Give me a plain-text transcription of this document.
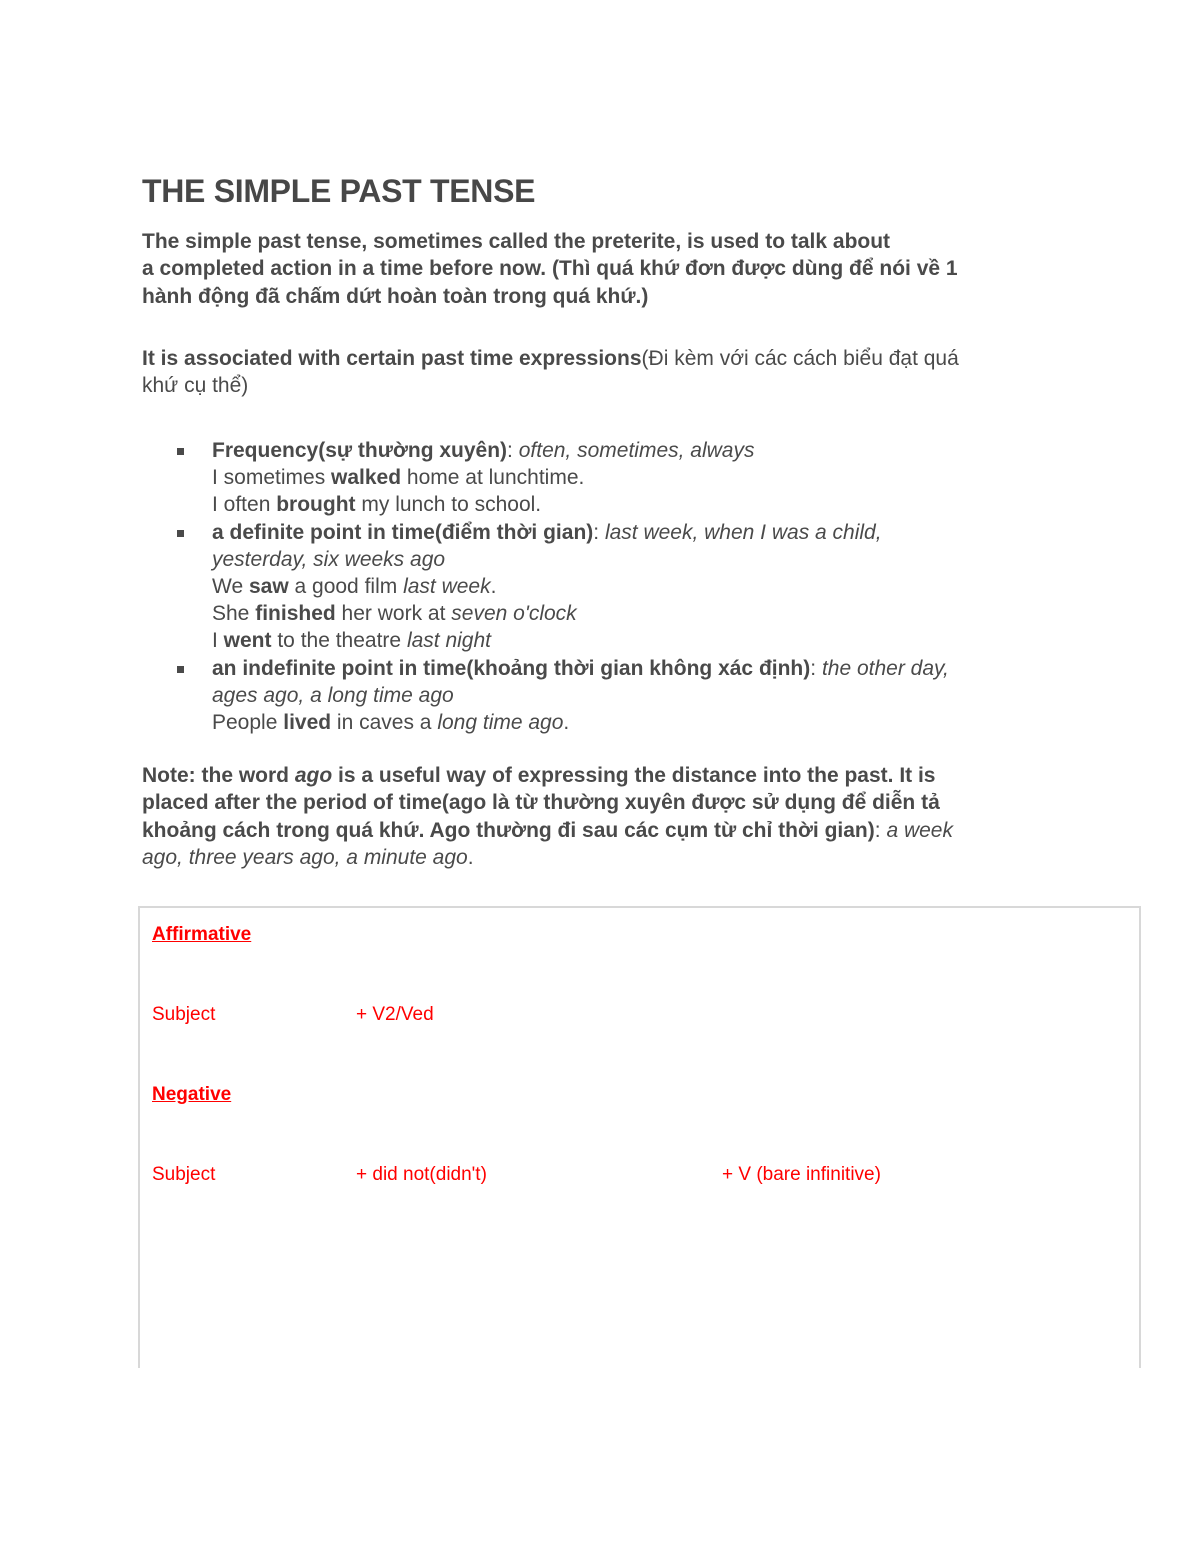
THE SIMPLE PAST TENSE

The simple past tense, sometimes called the preterite, is used to talk about
a completed action in a time before now. (Thì quá khứ đơn được dùng để nói về 1
hành động đã chấm dứt hoàn toàn trong quá khứ.)

It is associated with certain past time expressions(Đi kèm với các cách biểu đạt quá
khứ cụ thể)

Frequency(sự thường xuyên): often, sometimes, always
I sometimes walked home at lunchtime.
I often brought my lunch to school.
a definite point in time(điểm thời gian): last week, when I was a child,
yesterday, six weeks ago
We saw a good film last week.
She finished her work at seven o'clock
I went to the theatre last night
an indefinite point in time(khoảng thời gian không xác định): the other day,
ages ago, a long time ago
People lived in caves a long time ago.

Note: the word ago is a useful way of expressing the distance into the past. It is
placed after the period of time(ago là từ thường xuyên được sử dụng để diễn tả
khoảng cách trong quá khứ. Ago thường đi sau các cụm từ chỉ thời gian): a week
ago, three years ago, a minute ago.

Affirmative

Subject	+ V2/Ved

Negative

Subject	+ did not(didn't)	+ V (bare infinitive)
